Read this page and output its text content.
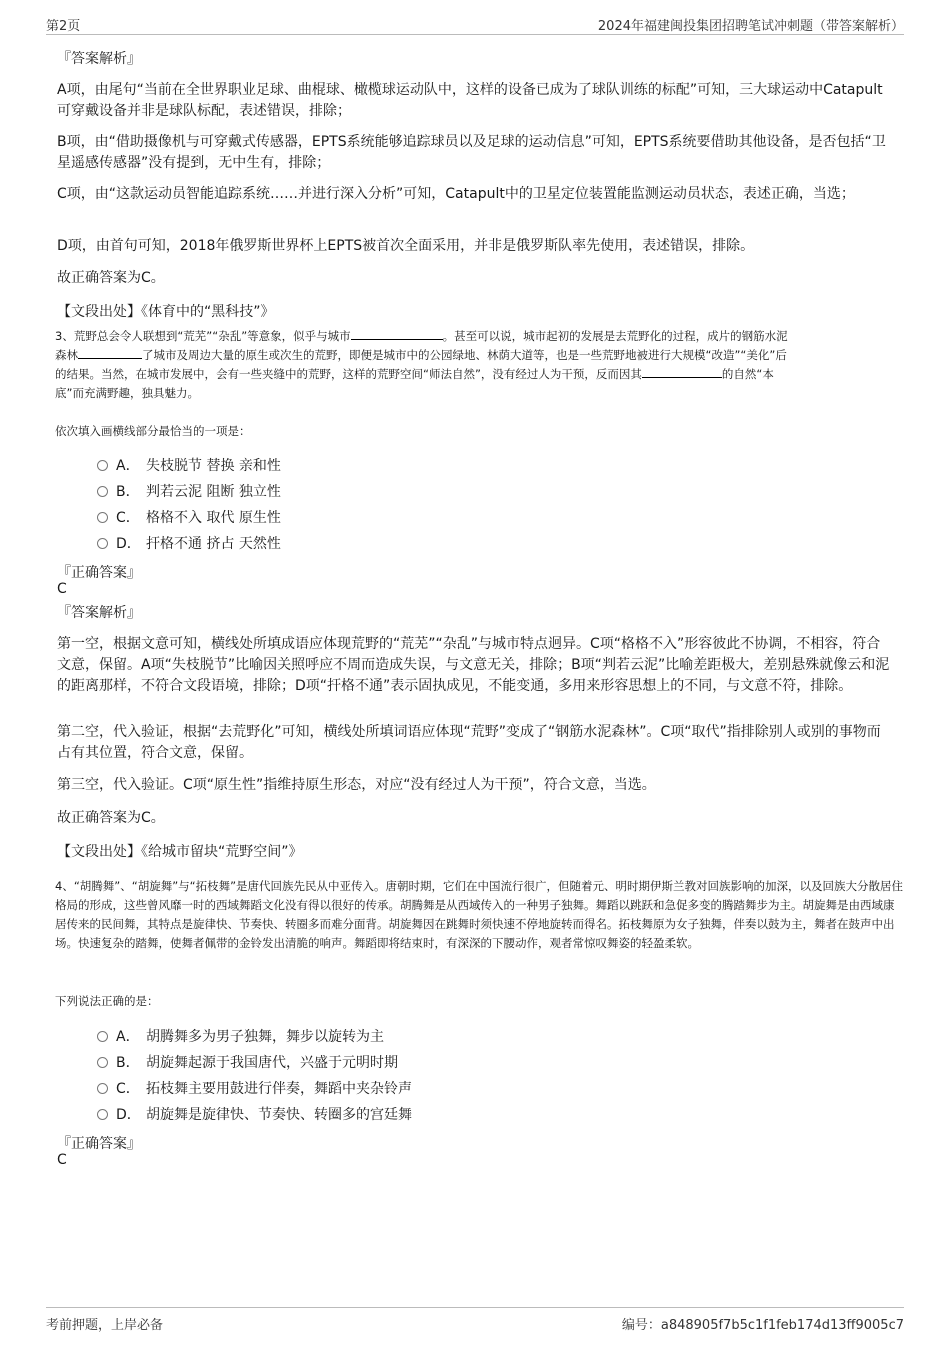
第2页	2024年福建闽投集团招聘笔试冲刺题（带答案解析）
『答案解析』

A项，由尾句“当前在全世界职业足球、曲棍球、橄榄球运动队中，这样的设备已成为了球队训练的标配”可知，三大球运动中Catapult可穿戴设备并非是球队标配，表述错误，排除；

B项，由“借助摄像机与可穿戴式传感器，EPTS系统能够追踪球员以及足球的运动信息”可知，EPTS系统要借助其他设备，是否包括“卫星遥感传感器”没有提到，无中生有，排除；

C项，由“这款运动员智能追踪系统……并进行深入分析”可知，Catapult中的卫星定位装置能监测运动员状态，表述正确，当选；

D项，由首句可知，2018年俄罗斯世界杯上EPTS被首次全面采用，并非是俄罗斯队率先使用，表述错误，排除。

故正确答案为C。

【文段出处】《体育中的“黑科技”》

3、荒野总会令人联想到“荒芜”“杂乱”等意象，似乎与城市	。甚至可以说，城市起初的发展是去荒野化的过程，成片的钢筋水泥
森林	了城市及周边大量的原生或次生的荒野，即便是城市中的公园绿地、林荫大道等，也是一些荒野地被进行大规模“改造”“美化”后
的结果。当然，在城市发展中，会有一些夹缝中的荒野，这样的荒野空间“师法自然”，没有经过人为干预，反而因其	的自然“本
底”而充满野趣，独具魅力。

依次填入画横线部分最恰当的一项是：

A． 失枝脱节 替换 亲和性
B． 判若云泥 阻断 独立性
C． 格格不入 取代 原生性
D． 扞格不通 挤占 天然性
『正确答案』
C
『答案解析』

第一空，根据文意可知，横线处所填成语应体现荒野的“荒芜”“杂乱”与城市特点迥异。C项“格格不入”形容彼此不协调，不相容，符合文意，保留。A项“失枝脱节”比喻因关照呼应不周而造成失误，与文意无关，排除；B项“判若云泥”比喻差距极大，差别悬殊就像云和泥的距离那样，不符合文段语境，排除；D项“扞格不通”表示固执成见，不能变通，多用来形容思想上的不同，与文意不符，排除。

第二空，代入验证，根据“去荒野化”可知，横线处所填词语应体现“荒野”变成了“钢筋水泥森林”。C项“取代”指排除别人或别的事物而占有其位置，符合文意，保留。

第三空，代入验证。C项“原生性”指维持原生形态，对应“没有经过人为干预”，符合文意，当选。

故正确答案为C。

【文段出处】《给城市留块“荒野空间”》

4、“胡腾舞”、“胡旋舞”与“拓枝舞”是唐代回族先民从中亚传入。唐朝时期，它们在中国流行很广，但随着元、明时期伊斯兰教对回族影响的加深，以及回族大分散居住格局的形成，这些曾风靡一时的西域舞蹈文化没有得以很好的传承。胡腾舞是从西域传入的一种男子独舞。舞蹈以跳跃和急促多变的腾踏舞步为主。胡旋舞是由西域康居传来的民间舞，其特点是旋律快、节奏快、转圈多而难分面背。胡旋舞因在跳舞时须快速不停地旋转而得名。拓枝舞原为女子独舞，伴奏以鼓为主，舞者在鼓声中出场。快速复杂的踏舞，使舞者佩带的金铃发出清脆的响声。舞蹈即将结束时，有深深的下腰动作，观者常惊叹舞姿的轻盈柔软。

下列说法正确的是：

A． 胡腾舞多为男子独舞，舞步以旋转为主
B． 胡旋舞起源于我国唐代，兴盛于元明时期
C． 拓枝舞主要用鼓进行伴奏，舞蹈中夹杂铃声
D． 胡旋舞是旋律快、节奏快、转圈多的宫廷舞
『正确答案』
C
考前押题，上岸必备	编号：a848905f7b5c1f1feb174d13ff9005c7
